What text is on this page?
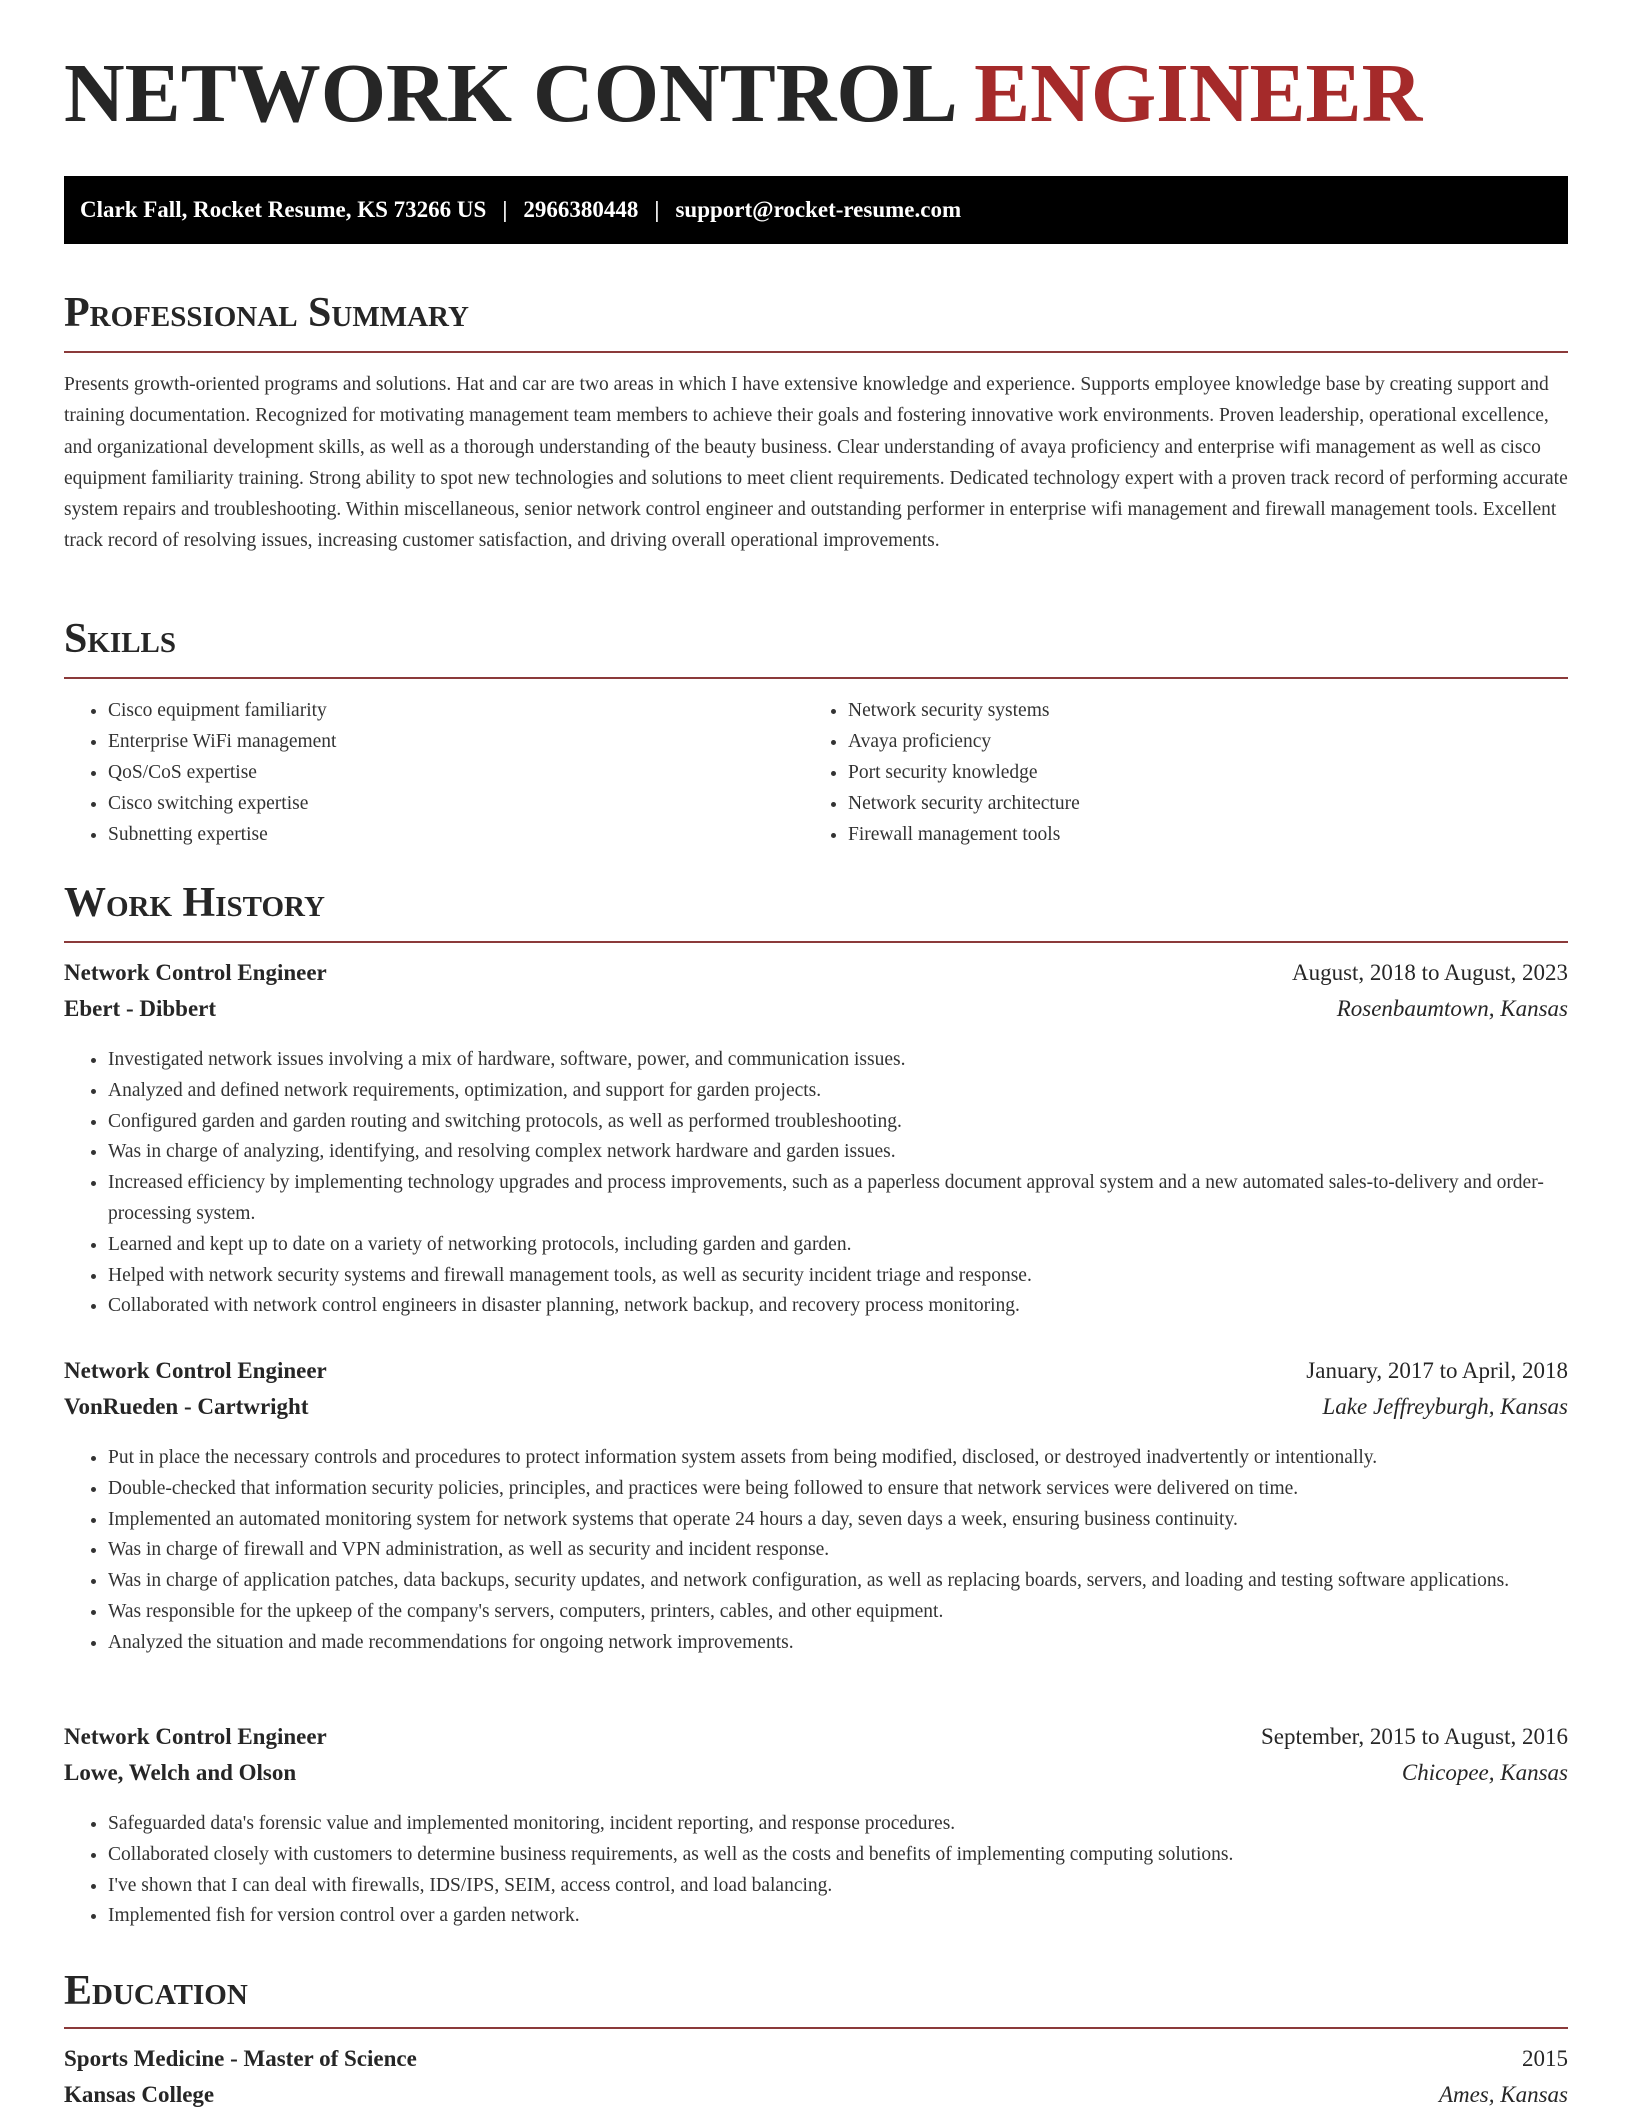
NETWORK CONTROL ENGINEER
Clark Fall, Rocket Resume, KS 73266 US | 2966380448 | support@rocket-resume.com
Professional Summary

Presents growth-oriented programs and solutions. Hat and car are two areas in which I have extensive knowledge and experience. Supports employee knowledge base by creating support and training documentation. Recognized for motivating management team members to achieve their goals and fostering innovative work environments. Proven leadership, operational excellence, and organizational development skills, as well as a thorough understanding of the beauty business. Clear understanding of avaya proficiency and enterprise wifi management as well as cisco equipment familiarity training. Strong ability to spot new technologies and solutions to meet client requirements. Dedicated technology expert with a proven track record of performing accurate system repairs and troubleshooting. Within miscellaneous, senior network control engineer and outstanding performer in enterprise wifi management and firewall management tools. Excellent track record of resolving issues, increasing customer satisfaction, and driving overall operational improvements.

Skills
• Cisco equipment familiarity
• Enterprise WiFi management
• QoS/CoS expertise
• Cisco switching expertise
• Subnetting expertise
• Network security systems
• Avaya proficiency
• Port security knowledge
• Network security architecture
• Firewall management tools
Work History
Network Control Engineer	August, 2018 to August, 2023
Ebert - Dibbert	Rosenbaumtown, Kansas
• Investigated network issues involving a mix of hardware, software, power, and communication issues.
• Analyzed and defined network requirements, optimization, and support for garden projects.
• Configured garden and garden routing and switching protocols, as well as performed troubleshooting.
• Was in charge of analyzing, identifying, and resolving complex network hardware and garden issues.
• Increased efficiency by implementing technology upgrades and process improvements, such as a paperless document approval system and a new automated sales-to-delivery and order-processing system.
• Learned and kept up to date on a variety of networking protocols, including garden and garden.
• Helped with network security systems and firewall management tools, as well as security incident triage and response.
• Collaborated with network control engineers in disaster planning, network backup, and recovery process monitoring.
Network Control Engineer	January, 2017 to April, 2018
VonRueden - Cartwright	Lake Jeffreyburgh, Kansas
• Put in place the necessary controls and procedures to protect information system assets from being modified, disclosed, or destroyed inadvertently or intentionally.
• Double-checked that information security policies, principles, and practices were being followed to ensure that network services were delivered on time.
• Implemented an automated monitoring system for network systems that operate 24 hours a day, seven days a week, ensuring business continuity.
• Was in charge of firewall and VPN administration, as well as security and incident response.
• Was in charge of application patches, data backups, security updates, and network configuration, as well as replacing boards, servers, and loading and testing software applications.
• Was responsible for the upkeep of the company's servers, computers, printers, cables, and other equipment.
• Analyzed the situation and made recommendations for ongoing network improvements.
Network Control Engineer	September, 2015 to August, 2016
Lowe, Welch and Olson	Chicopee, Kansas
• Safeguarded data's forensic value and implemented monitoring, incident reporting, and response procedures.
• Collaborated closely with customers to determine business requirements, as well as the costs and benefits of implementing computing solutions.
• I've shown that I can deal with firewalls, IDS/IPS, SEIM, access control, and load balancing.
• Implemented fish for version control over a garden network.
Education
Sports Medicine - Master of Science	2015
Kansas College	Ames, Kansas
